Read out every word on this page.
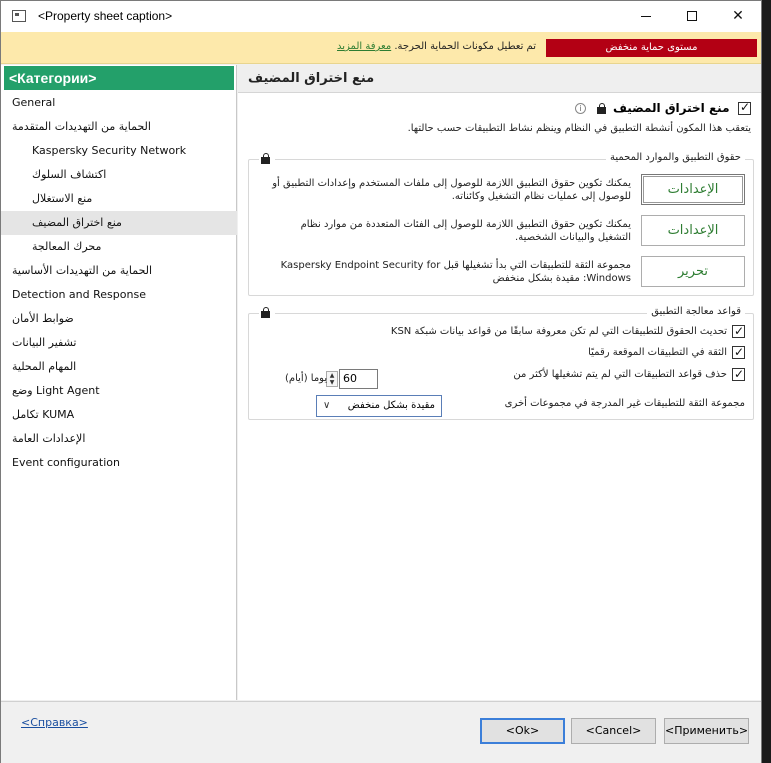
<Property sheet caption>	✕
مستوى حماية منخفض
تم تعطيل مكونات الحماية الحرجة. معرفة المزيد
<Категории>
General
الحماية من التهديدات المتقدمة
Kaspersky Security Network
اكتشاف السلوك
منع الاستغلال
منع اختراق المضيف
محرك المعالجة
الحماية من التهديدات الأساسية
Detection and Response
ضوابط الأمان
تشفير البيانات
المهام المحلية
وضع Light Agent
تكامل KUMA
الإعدادات العامة
Event configuration
منع اختراق المضيف
✓ منع اختراق المضيف  i
يتعقب هذا المكون أنشطة التطبيق في النظام وينظم نشاط التطبيقات حسب حالتها.
حقوق التطبيق والموارد المحمية
يمكنك تكوين حقوق التطبيق اللازمة للوصول إلى ملفات المستخدم وإعدادات التطبيق أو للوصول إلى عمليات نظام التشغيل وكائناته.	الإعدادات
يمكنك تكوين حقوق التطبيق اللازمة للوصول إلى الفئات المتعددة من موارد نظام التشغيل والبيانات الشخصية.	الإعدادات
مجموعة الثقة للتطبيقات التي بدأ تشغيلها قبل Kaspersky Endpoint Security for Windows: مقيدة بشكل منخفض	تحرير
قواعد معالجة التطبيق
✓تحديث الحقوق للتطبيقات التي لم تكن معروفة سابقًا من قواعد بيانات شبكة KSN
✓الثقة في التطبيقات الموقعة رقميًا
✓حذف قواعد التطبيقات التي لم يتم تشغيلها لأكثر من
▲
▼ 60
يوما (أيام)
مجموعة الثقة للتطبيقات غير المدرجة في مجموعات أخرى
مقيدة بشكل منخفض
∨
<Справка>
<Ok>	<Cancel>	<Применить>
